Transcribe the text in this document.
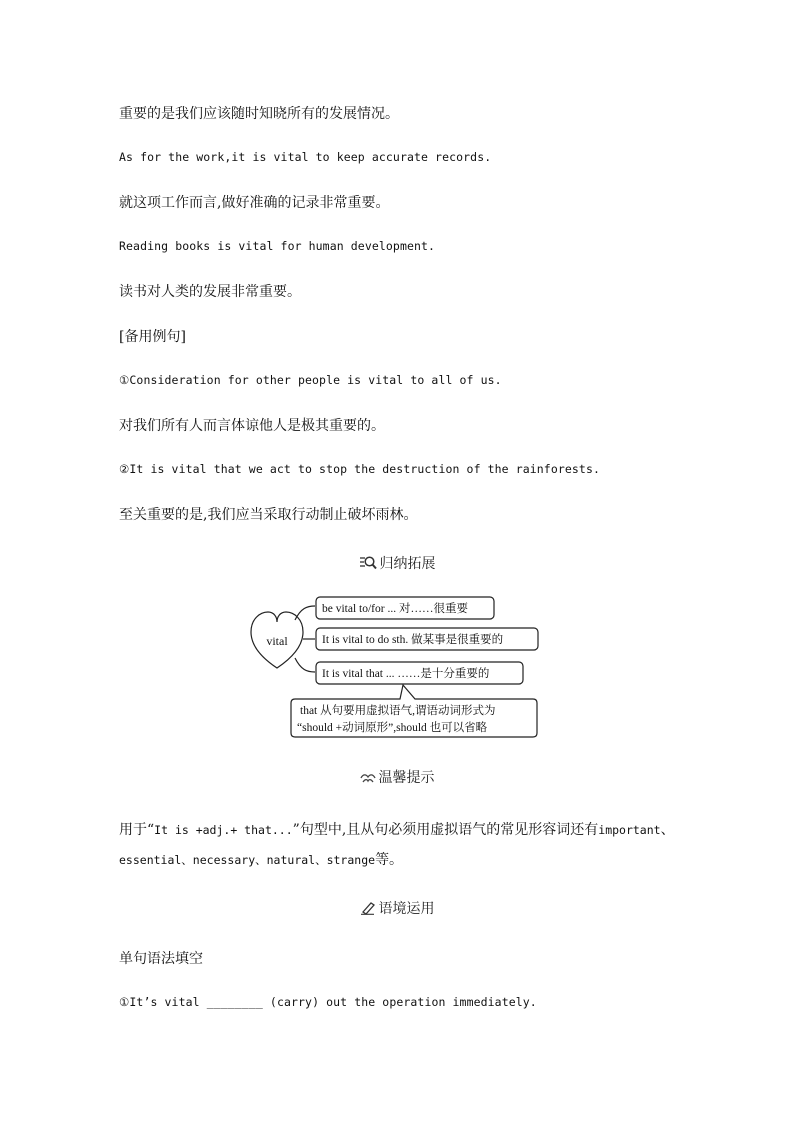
重要的是我们应该随时知晓所有的发展情况。
As for the work,it is vital to keep accurate records.
就这项工作而言,做好准确的记录非常重要。
Reading books is vital for human development.
读书对人类的发展非常重要。
[备用例句]
①Consideration for other people is vital to all of us.
对我们所有人而言体谅他人是极其重要的。
②It is vital that we act to stop the destruction of the rainforests.
至关重要的是,我们应当采取行动制止破坏雨林。
归纳拓展
vital
be vital to/for ... 对……很重要
It is vital to do sth. 做某事是很重要的
It is vital that ... ……是十分重要的
that 从句要用虚拟语气,谓语动词形式为
“should +动词原形”,should 也可以省略
温馨提示
用于“It is +adj.+ that...”句型中,且从句必须用虚拟语气的常见形容词还有important、
essential、necessary、natural、strange等。
语境运用
单句语法填空
①It’s vital ________ (carry) out the operation immediately.
